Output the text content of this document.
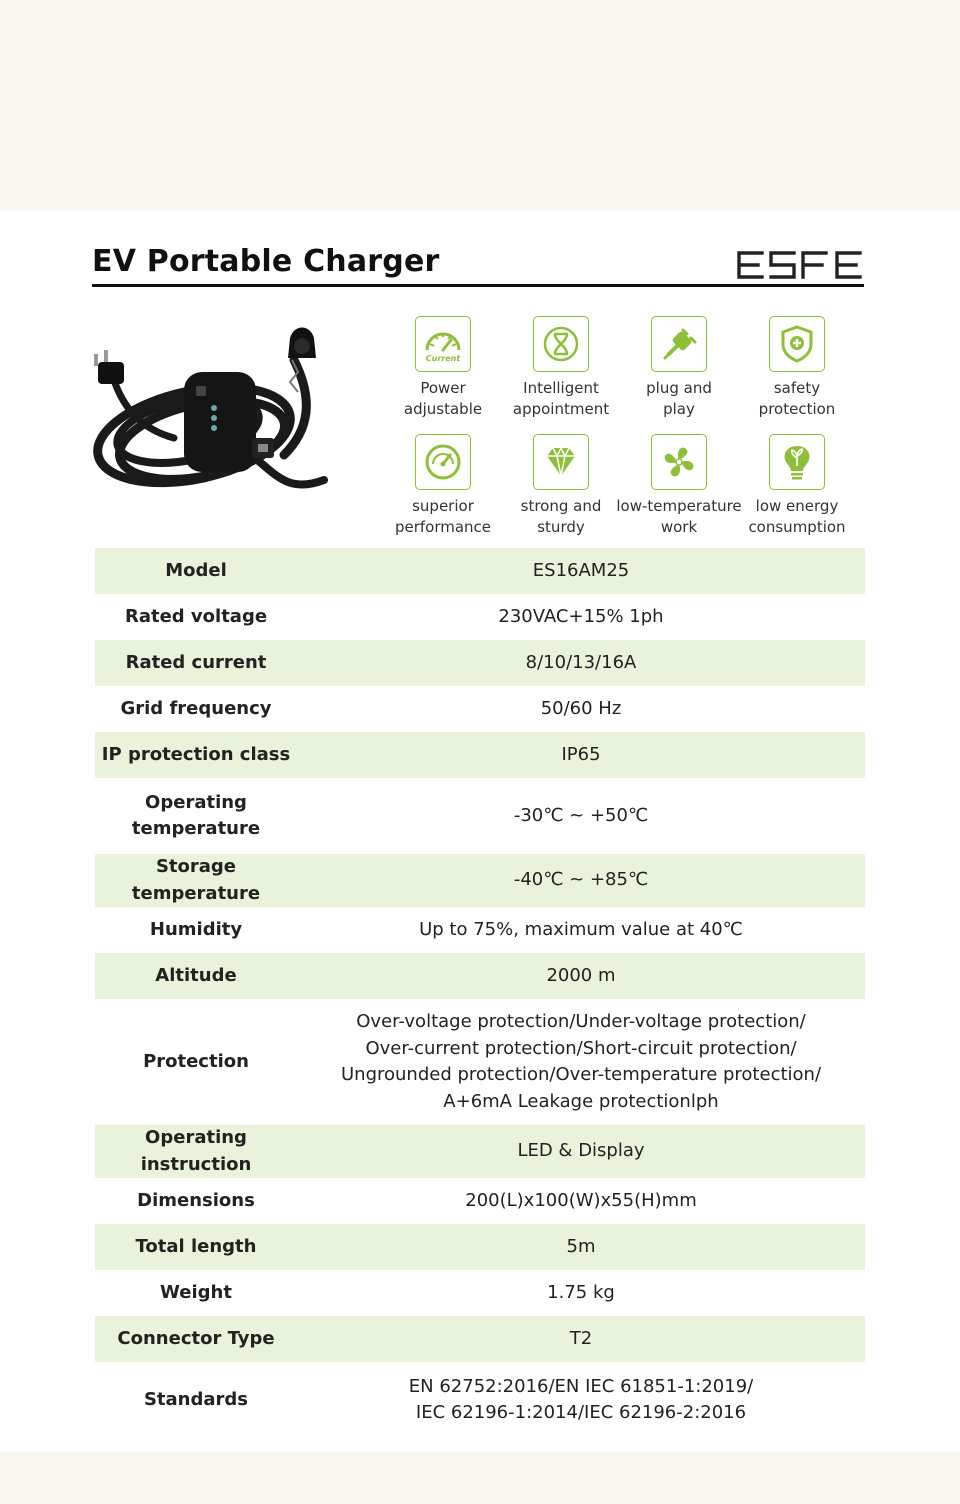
EV Portable Charger
Current
Power
adjustable
Intelligent
appointment
plug and
play
safety
protection
superior
performance
strong and
sturdy
low-temperature
work
low energy
consumption
Model	ES16AM25
Rated voltage	230VAC+15% 1ph
Rated current	8/10/13/16A
Grid frequency	50/60 Hz
IP protection class	IP65
Operating
temperature	-30℃ ~ +50℃
Storage temperature	-40℃ ~ +85℃
Humidity	Up to 75%, maximum value at 40℃
Altitude	2000 m
Protection	Over-voltage protection/Under-voltage protection/
Over-current protection/Short-circuit protection/
Ungrounded protection/Over-temperature protection/
A+6mA Leakage protectionlph
Operating instruction	LED & Display
Dimensions	200(L)x100(W)x55(H)mm
Total length	5m
Weight	1.75 kg
Connector Type	T2
Standards	EN 62752:2016/EN IEC 61851-1:2019/
IEC 62196-1:2014/IEC 62196-2:2016
